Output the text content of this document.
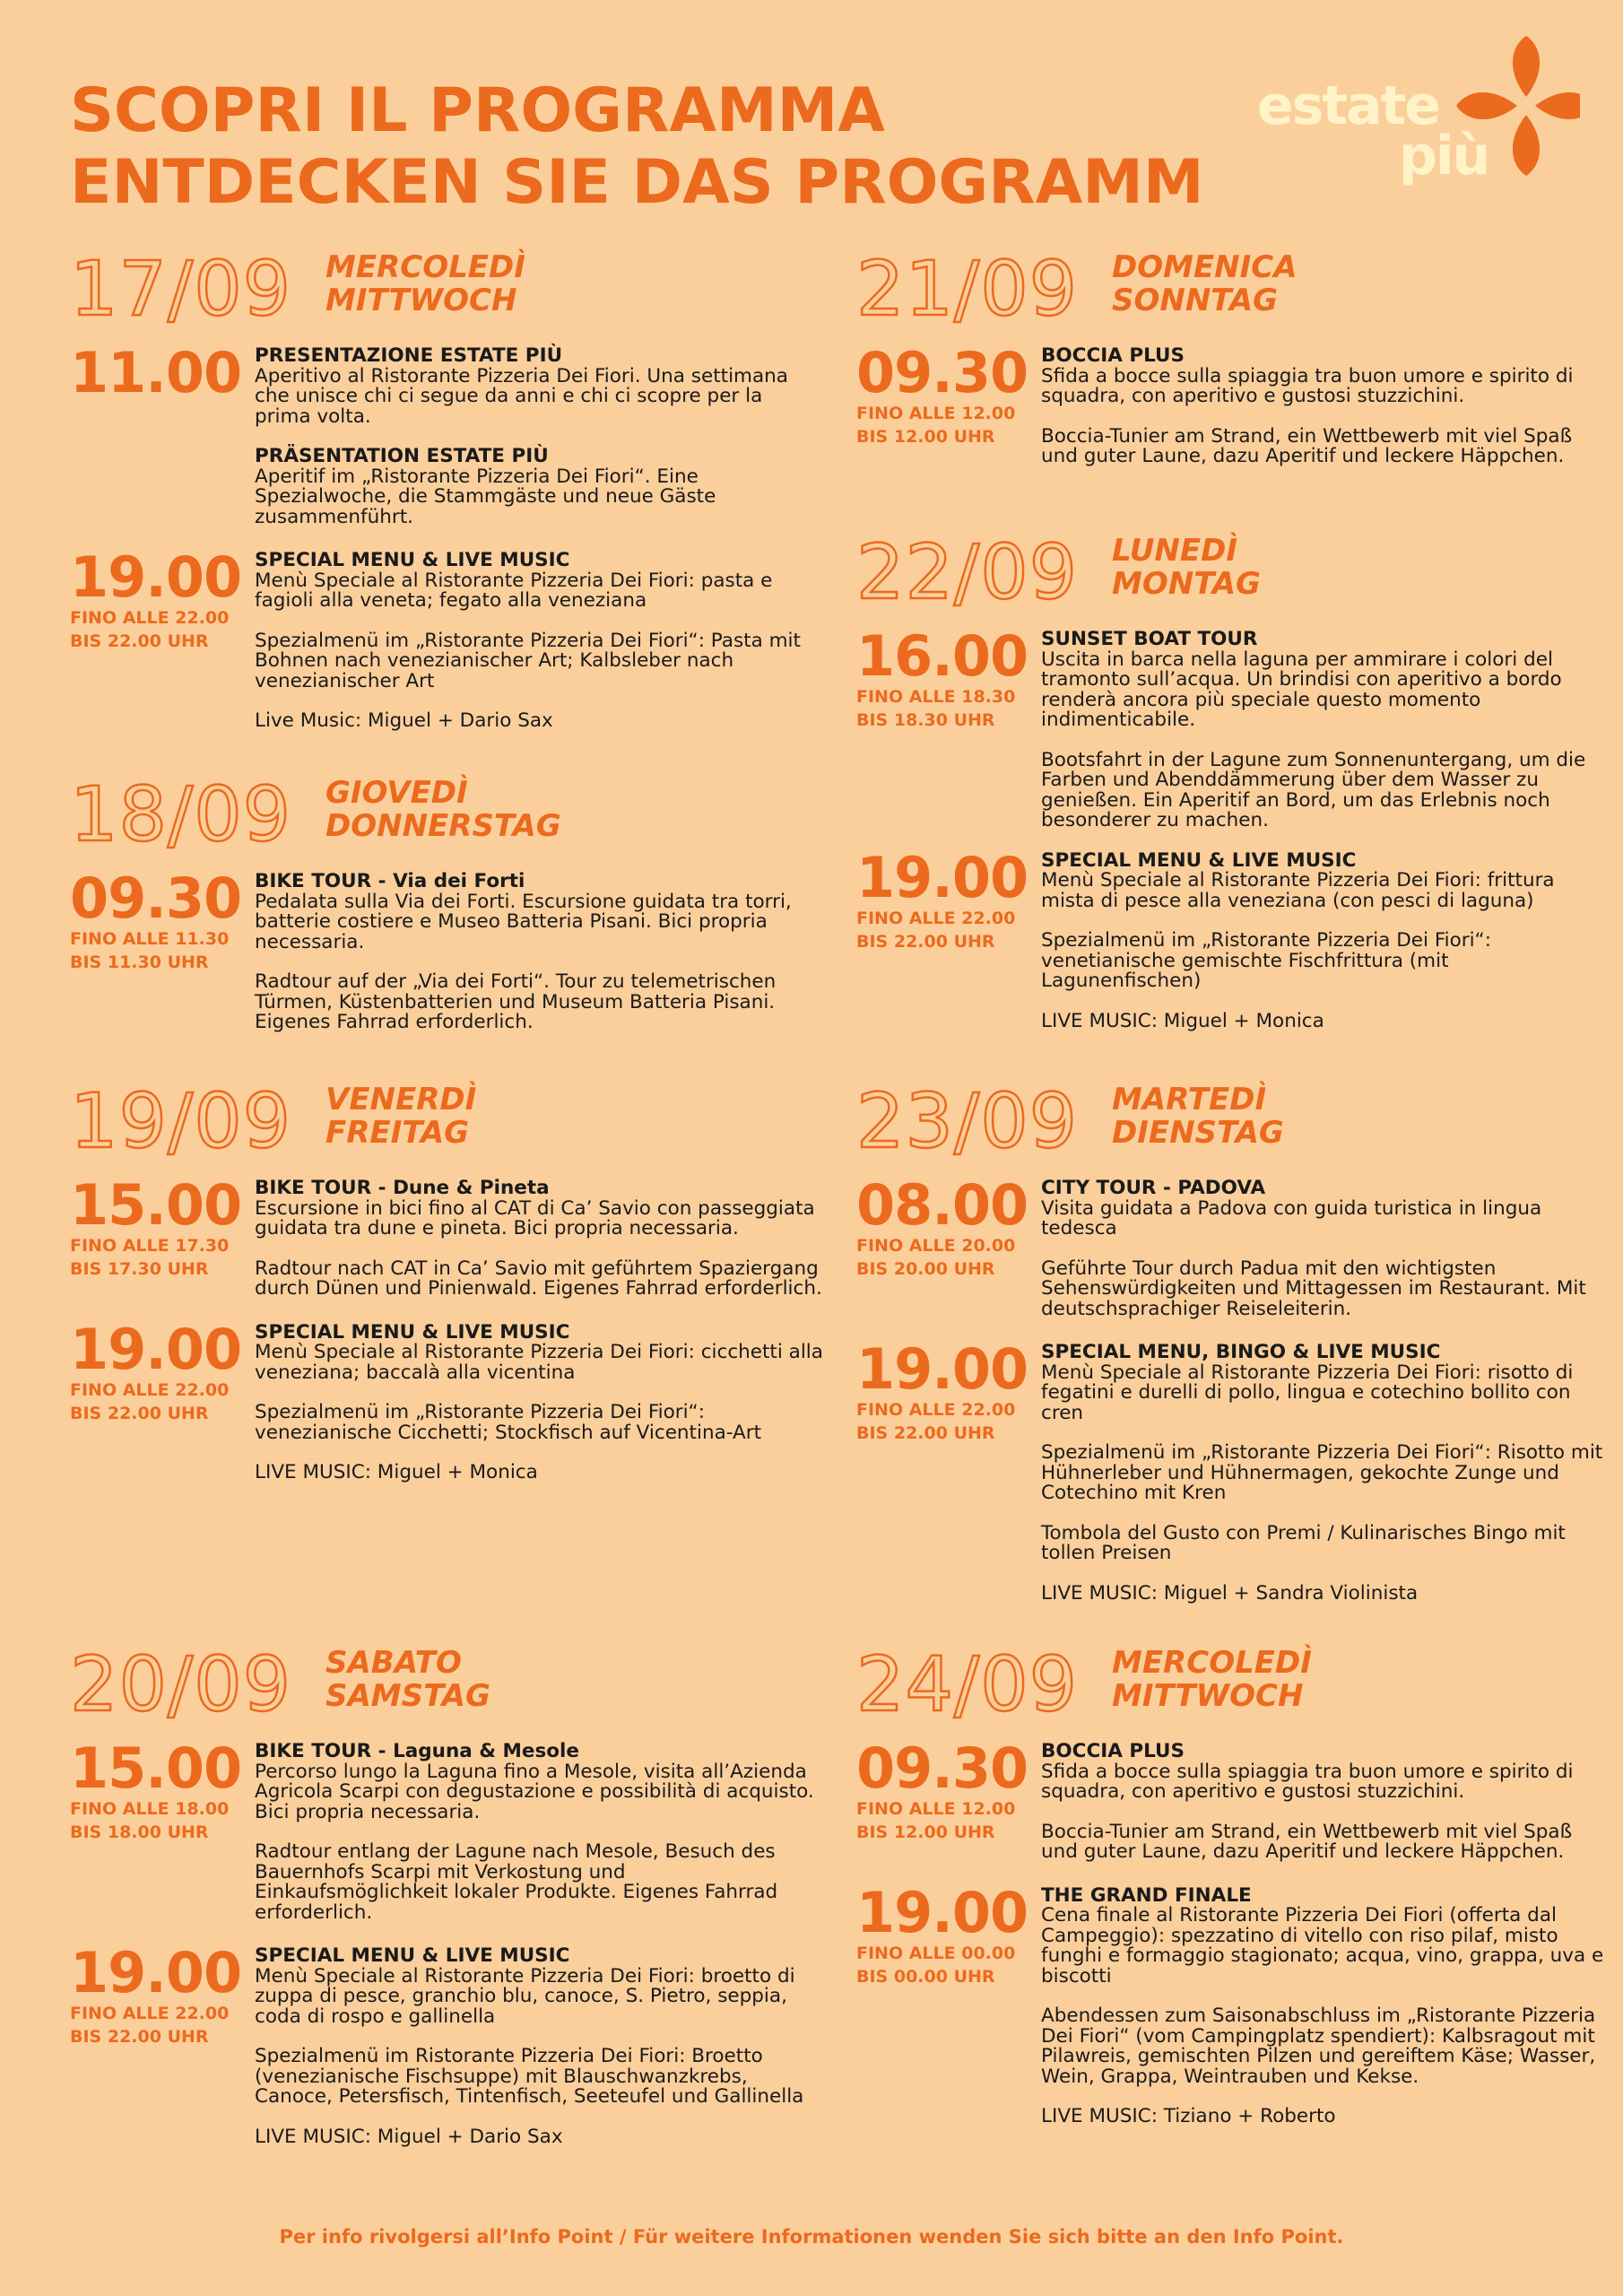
SCOPRI IL PROGRAMMA
ENTDECKEN SIE DAS PROGRAMM
estate
più
17/09 MERCOLEDÌ
MITTWOCH
11.00 PRESENTAZIONE ESTATE PIÙ

Aperitivo al Ristorante Pizzeria Dei Fiori. Una settimana che unisce chi ci segue da anni e chi ci scopre per la prima volta.

PRÄSENTATION ESTATE PIÙ

Aperitif im „Ristorante Pizzeria Dei Fiori“. Eine Spezialwoche, die Stammgäste und neue Gäste zusammenführt.

19.00
FINO ALLE 22.00
BIS 22.00 UHR
SPECIAL MENU & LIVE MUSIC

Menù Speciale al Ristorante Pizzeria Dei Fiori: pasta e fagioli alla veneta; fegato alla veneziana

Spezialmenü im „Ristorante Pizzeria Dei Fiori“: Pasta mit Bohnen nach venezianischer Art; Kalbsleber nach venezianischer Art

Live Music: Miguel + Dario Sax

18/09 GIOVEDÌ
DONNERSTAG
09.30
FINO ALLE 11.30
BIS 11.30 UHR
BIKE TOUR - Via dei Forti

Pedalata sulla Via dei Forti. Escursione guidata tra torri, batterie costiere e Museo Batteria Pisani. Bici propria necessaria.

Radtour auf der „Via dei Forti“. Tour zu telemetrischen Türmen, Küstenbatterien und Museum Batteria Pisani. Eigenes Fahrrad erforderlich.

19/09 VENERDÌ
FREITAG
15.00
FINO ALLE 17.30
BIS 17.30 UHR
BIKE TOUR - Dune & Pineta

Escursione in bici fino al CAT di Ca’ Savio con passeggiata guidata tra dune e pineta. Bici propria necessaria.

Radtour nach CAT in Ca’ Savio mit geführtem Spaziergang durch Dünen und Pinienwald. Eigenes Fahrrad erforderlich.

19.00
FINO ALLE 22.00
BIS 22.00 UHR
SPECIAL MENU & LIVE MUSIC

Menù Speciale al Ristorante Pizzeria Dei Fiori: cicchetti alla veneziana; baccalà alla vicentina

Spezialmenü im „Ristorante Pizzeria Dei Fiori“: venezianische Cicchetti; Stockfisch auf Vicentina-Art

LIVE MUSIC: Miguel + Monica

20/09 SABATO
SAMSTAG
15.00
FINO ALLE 18.00
BIS 18.00 UHR
BIKE TOUR - Laguna & Mesole

Percorso lungo la Laguna fino a Mesole, visita all’Azienda Agricola Scarpi con degustazione e possibilità di acquisto. Bici propria necessaria.

Radtour entlang der Lagune nach Mesole, Besuch des Bauernhofs Scarpi mit Verkostung und Einkaufsmöglichkeit lokaler Produkte. Eigenes Fahrrad erforderlich.

19.00
FINO ALLE 22.00
BIS 22.00 UHR
SPECIAL MENU & LIVE MUSIC

Menù Speciale al Ristorante Pizzeria Dei Fiori: broetto di zuppa di pesce, granchio blu, canoce, S. Pietro, seppia, coda di rospo e gallinella

Spezialmenü im Ristorante Pizzeria Dei Fiori: Broetto (venezianische Fischsuppe) mit Blauschwanzkrebs, Canoce, Petersfisch, Tintenfisch, Seeteufel und Gallinella

LIVE MUSIC: Miguel + Dario Sax

21/09 DOMENICA
SONNTAG
09.30
FINO ALLE 12.00
BIS 12.00 UHR
BOCCIA PLUS

Sfida a bocce sulla spiaggia tra buon umore e spirito di squadra, con aperitivo e gustosi stuzzichini.

Boccia-Tunier am Strand, ein Wettbewerb mit viel Spaß und guter Laune, dazu Aperitif und leckere Häppchen.

22/09 LUNEDÌ
MONTAG
16.00
FINO ALLE 18.30
BIS 18.30 UHR
SUNSET BOAT TOUR

Uscita in barca nella laguna per ammirare i colori del tramonto sull’acqua. Un brindisi con aperitivo a bordo renderà ancora più speciale questo momento indimenticabile.

Bootsfahrt in der Lagune zum Sonnenuntergang, um die Farben und Abenddämmerung über dem Wasser zu genießen. Ein Aperitif an Bord, um das Erlebnis noch besonderer zu machen.

19.00
FINO ALLE 22.00
BIS 22.00 UHR
SPECIAL MENU & LIVE MUSIC

Menù Speciale al Ristorante Pizzeria Dei Fiori: frittura mista di pesce alla veneziana (con pesci di laguna)

Spezialmenü im „Ristorante Pizzeria Dei Fiori“: venetianische gemischte Fischfrittura (mit Lagunenfischen)

LIVE MUSIC: Miguel + Monica

23/09 MARTEDÌ
DIENSTAG
08.00
FINO ALLE 20.00
BIS 20.00 UHR
CITY TOUR - PADOVA

Visita guidata a Padova con guida turistica in lingua tedesca

Geführte Tour durch Padua mit den wichtigsten Sehenswürdigkeiten und Mittagessen im Restaurant. Mit deutschsprachiger Reiseleiterin.

19.00
FINO ALLE 22.00
BIS 22.00 UHR
SPECIAL MENU, BINGO & LIVE MUSIC

Menù Speciale al Ristorante Pizzeria Dei Fiori: risotto di fegatini e durelli di pollo, lingua e cotechino bollito con cren

Spezialmenü im „Ristorante Pizzeria Dei Fiori“: Risotto mit Hühnerleber und Hühnermagen, gekochte Zunge und Cotechino mit Kren

Tombola del Gusto con Premi / Kulinarisches Bingo mit tollen Preisen

LIVE MUSIC: Miguel + Sandra Violinista

24/09 MERCOLEDÌ
MITTWOCH
09.30
FINO ALLE 12.00
BIS 12.00 UHR
BOCCIA PLUS

Sfida a bocce sulla spiaggia tra buon umore e spirito di squadra, con aperitivo e gustosi stuzzichini.

Boccia-Tunier am Strand, ein Wettbewerb mit viel Spaß und guter Laune, dazu Aperitif und leckere Häppchen.

19.00
FINO ALLE 00.00
BIS 00.00 UHR
THE GRAND FINALE

Cena finale al Ristorante Pizzeria Dei Fiori (offerta dal Campeggio): spezzatino di vitello con riso pilaf, misto funghi e formaggio stagionato; acqua, vino, grappa, uva e biscotti

Abendessen zum Saisonabschluss im „Ristorante Pizzeria Dei Fiori“ (vom Campingplatz spendiert): Kalbsragout mit Pilawreis, gemischten Pilzen und gereiftem Käse; Wasser, Wein, Grappa, Weintrauben und Kekse.

LIVE MUSIC: Tiziano + Roberto

Per info rivolgersi all’Info Point / Für weitere Informationen wenden Sie sich bitte an den Info Point.
